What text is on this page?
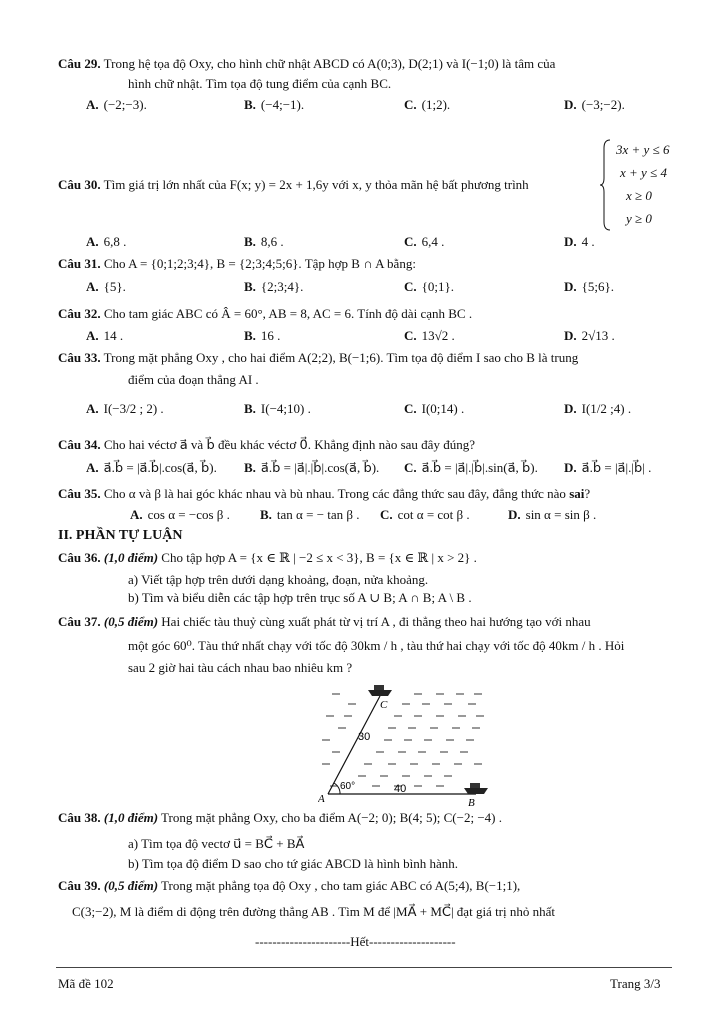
Câu 29. Trong hệ tọa độ Oxy, cho hình chữ nhật ABCD có A(0;3), D(2;1) và I(−1;0) là tâm của
hình chữ nhật. Tìm tọa độ tung điểm của cạnh BC.
A. (−2;−3).	B. (−4;−1).	C. (1;2).	D. (−3;−2).
Câu 30. Tìm giá trị lớn nhất của F(x; y) = 2x + 1,6y với x, y thỏa mãn hệ bất phương trình
3x + y ≤ 6
x + y ≤ 4
x ≥ 0
y ≥ 0
A. 6,8 .	B. 8,6 .	C. 6,4 .	D. 4 .
Câu 31. Cho A = {0;1;2;3;4}, B = {2;3;4;5;6}. Tập hợp B ∩ A bằng:
A. {5}.	B. {2;3;4}.	C. {0;1}.	D. {5;6}.
Câu 32. Cho tam giác ABC có Â = 60°, AB = 8, AC = 6. Tính độ dài cạnh BC .
A. 14 .	B. 16 .	C. 13√2 .	D. 2√13 .
Câu 33. Trong mặt phẳng Oxy , cho hai điểm A(2;2), B(−1;6). Tìm tọa độ điểm I sao cho B là trung
điểm của đoạn thẳng AI .
A. I(−3/2 ; 2) .	B. I(−4;10) .	C. I(0;14) .	D. I(1/2 ;4) .
Câu 34. Cho hai véctơ a⃗ và b⃗ đều khác véctơ 0⃗. Khẳng định nào sau đây đúng?
A. a⃗.b⃗ = |a⃗.b⃗|.cos(a⃗, b⃗). B. a⃗.b⃗ = |a⃗|.|b⃗|.cos(a⃗, b⃗). C. a⃗.b⃗ = |a⃗|.|b⃗|.sin(a⃗, b⃗). D. a⃗.b⃗ = |a⃗|.|b⃗| .
Câu 35. Cho α và β là hai góc khác nhau và bù nhau. Trong các đẳng thức sau đây, đẳng thức nào sai?
A. cos α = −cos β . B. tan α = − tan β . C. cot α = cot β .	D. sin α = sin β .
II. PHẦN TỰ LUẬN
Câu 36. (1,0 điểm) Cho tập hợp A = {x ∈ ℝ | −2 ≤ x < 3}, B = {x ∈ ℝ | x > 2} .
a) Viết tập hợp trên dưới dạng khoảng, đoạn, nửa khoảng.
b) Tìm và biểu diễn các tập hợp trên trục số A ∪ B; A ∩ B; A \ B .
Câu 37. (0,5 điểm) Hai chiếc tàu thuỷ cùng xuất phát từ vị trí A , đi thẳng theo hai hướng tạo với nhau
một góc 60⁰. Tàu thứ nhất chạy với tốc độ 30km / h , tàu thứ hai chạy với tốc độ 40km / h . Hỏi
sau 2 giờ hai tàu cách nhau bao nhiêu km ?
A	B
C
30
40
60°
Câu 38. (1,0 điểm) Trong mặt phẳng Oxy, cho ba điểm A(−2; 0); B(4; 5); C(−2; −4) .
a) Tìm tọa độ vectơ u⃗ = BC⃗ + BA⃗
b) Tìm tọa độ điểm D sao cho tứ giác ABCD là hình bình hành.
Câu 39. (0,5 điểm) Trong mặt phẳng tọa độ Oxy , cho tam giác ABC có A(5;4), B(−1;1),
C(3;−2), M là điểm di động trên đường thẳng AB . Tìm M để |MA⃗ + MC⃗| đạt giá trị nhỏ nhất
----------------------Hết--------------------
Mã đề 102	Trang 3/3
